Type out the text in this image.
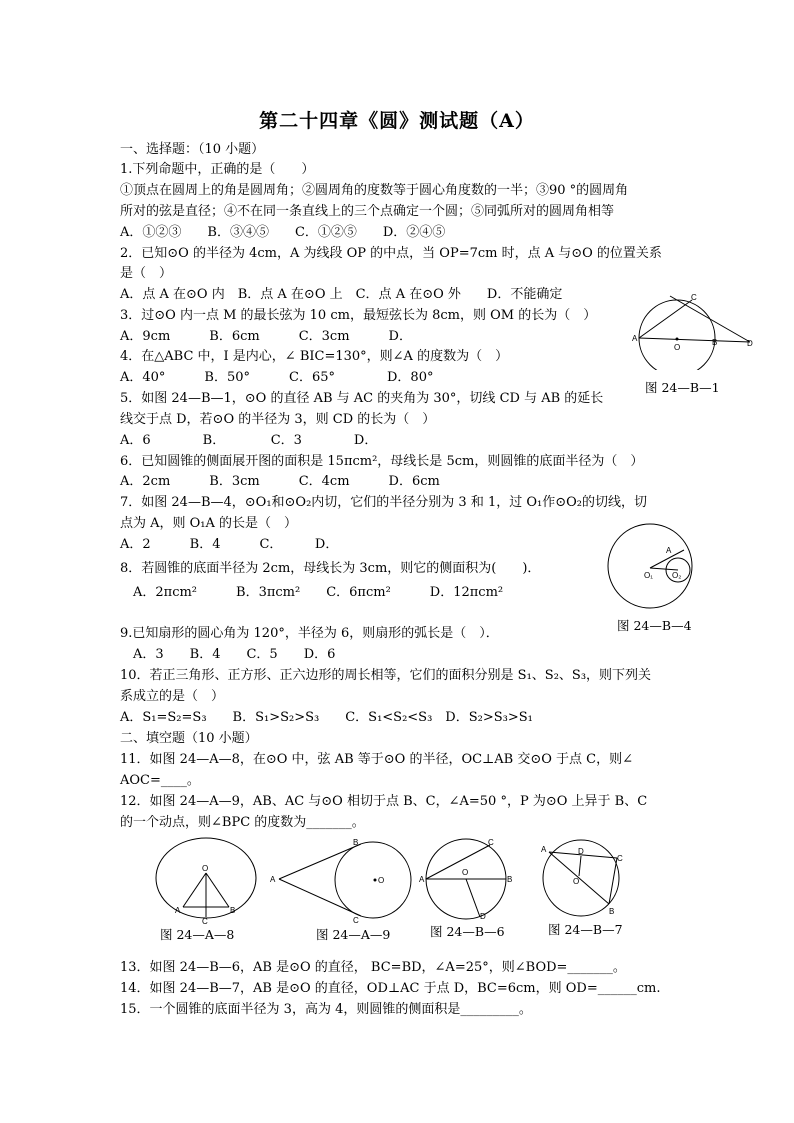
第二十四章《圆》测试题（A）
一、选择题：（10 小题）
1.下列命题中，正确的是（　　）
①顶点在圆周上的角是圆周角；②圆周角的度数等于圆心角度数的一半；③90 °的圆周角
所对的弦是直径；④不在同一条直线上的三个点确定一个圆；⑤同弧所对的圆周角相等
A．①②③　　B．③④⑤　　C．①②⑤　　D．②④⑤
2．已知⊙O 的半径为 4cm，A 为线段 OP 的中点，当 OP=7cm 时，点 A 与⊙O 的位置关系
是（　）
A．点 A 在⊙O 内　B．点 A 在⊙O 上　C．点 A 在⊙O 外　　D．不能确定
3．过⊙O 内一点 M 的最长弦为 10 cm，最短弦长为 8cm，则 OM 的长为（　）
A．9cm　　　B．6cm　　　C．3cm　　　D．
4．在△ABC 中，I 是内心，∠ BIC=130°，则∠A 的度数为（　）
A．40°　　　B．50°　　　C．65°　　　　D．80°
5．如图 24—B—1，⊙O 的直径 AB 与 AC 的夹角为 30°，切线 CD 与 AB 的延长
线交于点 D，若⊙O 的半径为 3，则 CD 的长为（　）
A．6　　　　B．　　　　C．3　　　　D．
6．已知圆锥的侧面展开图的面积是 15πcm²，母线长是 5cm，则圆锥的底面半径为（　）
A．2cm　　　B．3cm　　　C．4cm　　　D．6cm
7．如图 24—B—4，⊙O₁和⊙O₂内切，它们的半径分别为 3 和 1，过 O₁作⊙O₂的切线，切
点为 A，则 O₁A 的长是（　）
A．2　　　B．4　　　C．　　　D．
8．若圆锥的底面半径为 2cm，母线长为 3cm，则它的侧面积为(　　)．
　A．2πcm²　　　B．3πcm²　　C．6πcm²　　　D．12πcm²
9.已知扇形的圆心角为 120°，半径为 6，则扇形的弧长是（　）．
　A．3　　B．4　　C．5　　D．6
10．若正三角形、正方形、正六边形的周长相等，它们的面积分别是 S₁、S₂、S₃，则下列关
系成立的是（　）
A．S₁=S₂=S₃　　B．S₁>S₂>S₃　　C．S₁<S₂<S₃　D．S₂>S₃>S₁
二、填空题（10 小题）
11．如图 24—A—8，在⊙O 中，弦 AB 等于⊙O 的半径，OC⊥AB 交⊙O 于点 C，则∠
AOC=____。
12．如图 24—A—9，AB、AC 与⊙O 相切于点 B、C，∠A=50 °，P 为⊙O 上异于 B、C
的一个动点，则∠BPC 的度数为_______。
13．如图 24—B—6，AB 是⊙O 的直径， BC=BD，∠A=25°，则∠BOD=_______。
14．如图 24—B—7，AB 是⊙O 的直径，OD⊥AC 于点 D，BC=6cm，则 OD=______cm.
15．一个圆锥的底面半径为 3，高为 4，则圆锥的侧面积是_________。
A
O
B	D
C
图 24—B—1
A
O₁ O₂
图 24—B—4
O
A	B
C
图 24—A—8
A
B
C
O
图 24—A—9
A
O
B
C
D
图 24—B—6
A	D
C
O
B
图 24—B—7
